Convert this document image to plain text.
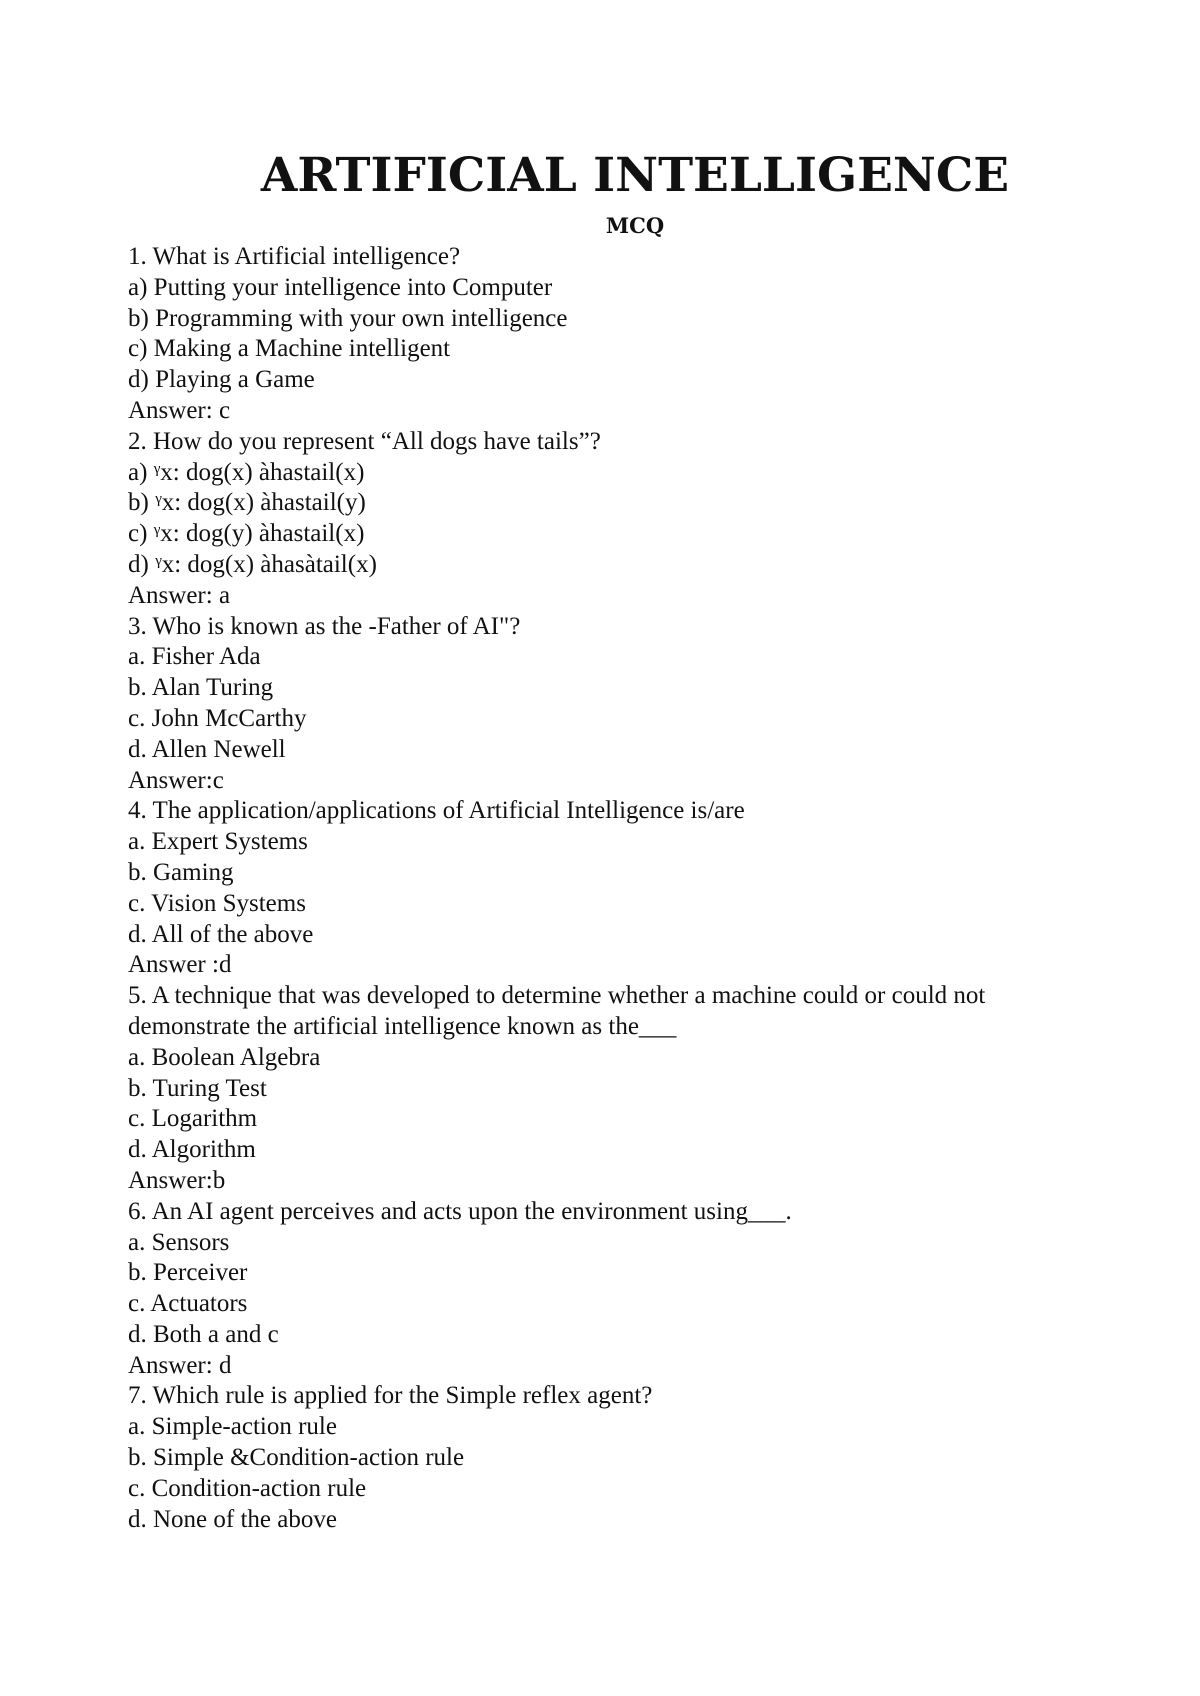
ARTIFICIAL INTELLIGENCE
MCQ

1. What is Artificial intelligence?

a) Putting your intelligence into Computer

b) Programming with your own intelligence

c) Making a Machine intelligent

d) Playing a Game

Answer: c

2. How do you represent “All dogs have tails”?

a) ᵞx: dog(x) àhastail(x)

b) ᵞx: dog(x) àhastail(y)

c) ᵞx: dog(y) àhastail(x)

d) ᵞx: dog(x) àhasàtail(x)

Answer: a

3. Who is known as the -Father of AI"?

a. Fisher Ada

b. Alan Turing

c. John McCarthy

d. Allen Newell

Answer:c

4. The application/applications of Artificial Intelligence is/are

a. Expert Systems

b. Gaming

c. Vision Systems

d. All of the above

Answer :d

5. A technique that was developed to determine whether a machine could or could not

demonstrate the artificial intelligence known as the___

a. Boolean Algebra

b. Turing Test

c. Logarithm

d. Algorithm

Answer:b

6. An AI agent perceives and acts upon the environment using___.

a. Sensors

b. Perceiver

c. Actuators

d. Both a and c

Answer: d

7. Which rule is applied for the Simple reflex agent?

a. Simple-action rule

b. Simple &Condition-action rule

c. Condition-action rule

d. None of the above
